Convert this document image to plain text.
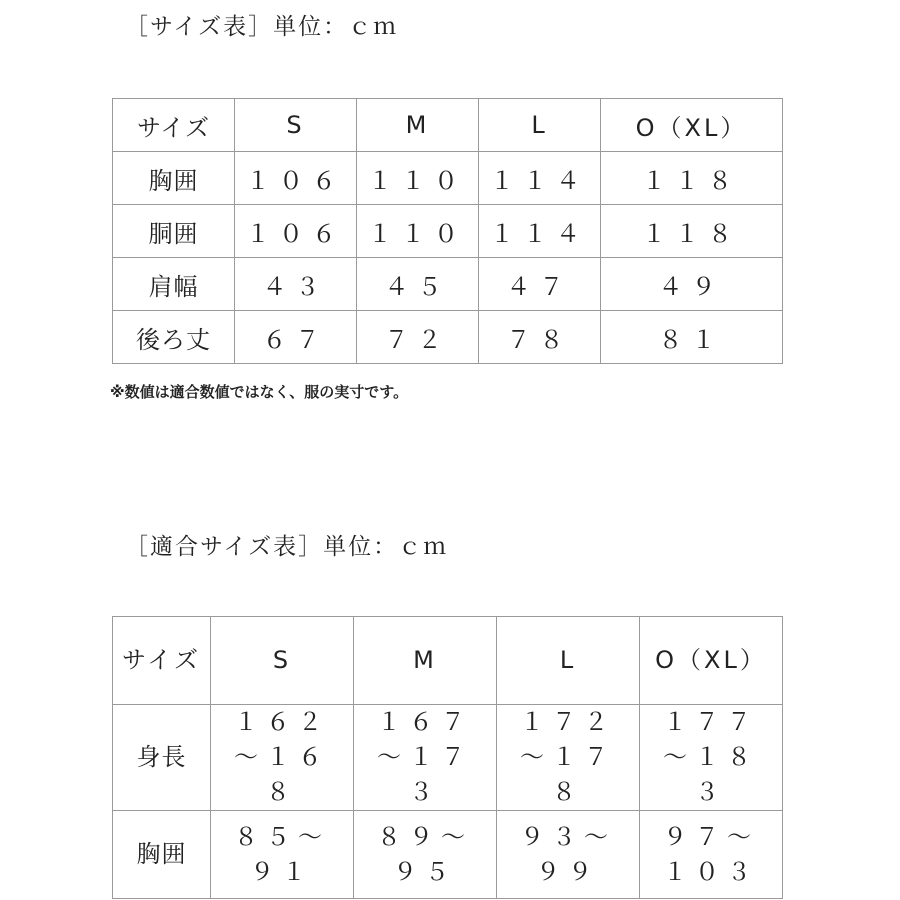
［サイズ表］単位：ｃｍ
サイズ	S	M	L	O（XL）
胸囲	１０６	１１０	１１４	１１８
胴囲	１０６	１１０	１１４	１１８
肩幅	４３	４５	４７	４９
後ろ丈	６７	７２	７８	８１
※数値は適合数値ではなく、服の実寸です。
［適合サイズ表］単位：ｃｍ
サイズ	S	M	L	O（XL）
身長	１６２～１６８	１６７～１７３	１７２～１７８	１７７～１８３
胸囲	８５～９１	８９～９５	９３～９９	９７～１０３
